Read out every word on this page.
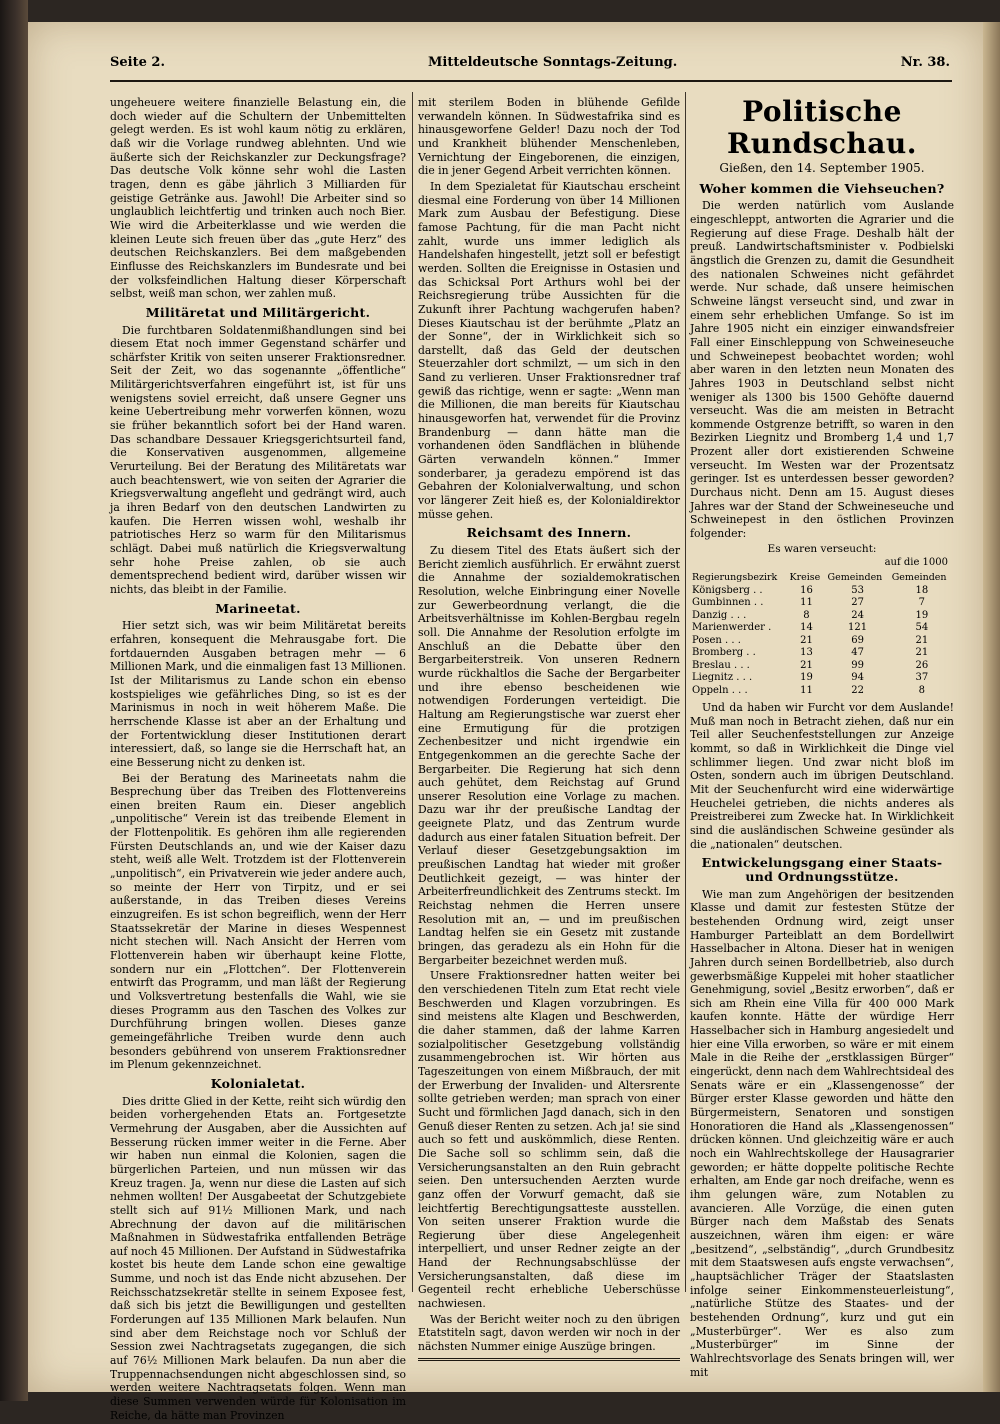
Seite 2.	Mitteldeutsche Sonntags-Zeitung.	Nr. 38.

ungeheuere weitere finanzielle Belastung ein, die doch wieder auf die Schultern der Unbemittelten gelegt werden. Es ist wohl kaum nötig zu erklären, daß wir die Vorlage rundweg ablehnten. Und wie äußerte sich der Reichskanzler zur Deckungsfrage? Das deutsche Volk könne sehr wohl die Lasten tragen, denn es gäbe jährlich 3 Milliarden für geistige Getränke aus. Jawohl! Die Arbeiter sind so unglaublich leichtfertig und trinken auch noch Bier. Wie wird die Arbeiterklasse und wie werden die kleinen Leute sich freuen über das „gute Herz“ des deutschen Reichskanzlers. Bei dem maßgebenden Einflusse des Reichskanzlers im Bundesrate und bei der volksfeindlichen Haltung dieser Körperschaft selbst, weiß man schon, wer zahlen muß.

Militäretat und Militärgericht.

Die furchtbaren Soldatenmißhandlungen sind bei diesem Etat noch immer Gegenstand schärfer und schärfster Kritik von seiten unserer Fraktionsredner. Seit der Zeit, wo das sogenannte „öffentliche“ Militärgerichtsverfahren eingeführt ist, ist für uns wenigstens soviel erreicht, daß unsere Gegner uns keine Uebertreibung mehr vorwerfen können, wozu sie früher bekanntlich sofort bei der Hand waren. Das schandbare Dessauer Kriegsgerichtsurteil fand, die Konservativen ausgenommen, allgemeine Verurteilung. Bei der Beratung des Militäretats war auch beachtenswert, wie von seiten der Agrarier die Kriegsverwaltung angefleht und gedrängt wird, auch ja ihren Bedarf von den deutschen Landwirten zu kaufen. Die Herren wissen wohl, weshalb ihr patriotisches Herz so warm für den Militarismus schlägt. Dabei muß natürlich die Kriegsverwaltung sehr hohe Preise zahlen, ob sie auch dementsprechend bedient wird, darüber wissen wir nichts, das bleibt in der Familie.

Marineetat.

Hier setzt sich, was wir beim Militäretat bereits erfahren, konsequent die Mehrausgabe fort. Die fortdauernden Ausgaben betragen mehr — 6 Millionen Mark, und die einmaligen fast 13 Millionen. Ist der Militarismus zu Lande schon ein ebenso kostspieliges wie gefährliches Ding, so ist es der Marinismus in noch in weit höherem Maße. Die herrschende Klasse ist aber an der Erhaltung und der Fortentwicklung dieser Institutionen derart interessiert, daß, so lange sie die Herrschaft hat, an eine Besserung nicht zu denken ist.

Bei der Beratung des Marineetats nahm die Besprechung über das Treiben des Flottenvereins einen breiten Raum ein. Dieser angeblich „unpolitische“ Verein ist das treibende Element in der Flottenpolitik. Es gehören ihm alle regierenden Fürsten Deutschlands an, und wie der Kaiser dazu steht, weiß alle Welt. Trotzdem ist der Flottenverein „unpolitisch“, ein Privatverein wie jeder andere auch, so meinte der Herr von Tirpitz, und er sei außerstande, in das Treiben dieses Vereins einzugreifen. Es ist schon begreiflich, wenn der Herr Staatssekretär der Marine in dieses Wespennest nicht stechen will. Nach Ansicht der Herren vom Flottenverein haben wir überhaupt keine Flotte, sondern nur ein „Flottchen“. Der Flottenverein entwirft das Programm, und man läßt der Regierung und Volksvertretung bestenfalls die Wahl, wie sie dieses Programm aus den Taschen des Volkes zur Durchführung bringen wollen. Dieses ganze gemeingefährliche Treiben wurde denn auch besonders gebührend von unserem Fraktionsredner im Plenum gekennzeichnet.

Kolonialetat.

Dies dritte Glied in der Kette, reiht sich würdig den beiden vorhergehenden Etats an. Fortgesetzte Vermehrung der Ausgaben, aber die Aussichten auf Besserung rücken immer weiter in die Ferne. Aber wir haben nun einmal die Kolonien, sagen die bürgerlichen Parteien, und nun müssen wir das Kreuz tragen. Ja, wenn nur diese die Lasten auf sich nehmen wollten! Der Ausgabeetat der Schutzgebiete stellt sich auf 91½ Millionen Mark, und nach Abrechnung der davon auf die militärischen Maßnahmen in Südwestafrika entfallenden Beträge auf noch 45 Millionen. Der Aufstand in Südwestafrika kostet bis heute dem Lande schon eine gewaltige Summe, und noch ist das Ende nicht abzusehen. Der Reichsschatzsekretär stellte in seinem Exposee fest, daß sich bis jetzt die Bewilligungen und gestellten Forderungen auf 135 Millionen Mark belaufen. Nun sind aber dem Reichstage noch vor Schluß der Session zwei Nachtragsetats zugegangen, die sich auf 76½ Millionen Mark belaufen. Da nun aber die Truppennachsendungen nicht abgeschlossen sind, so werden weitere Nachtragsetats folgen. Wenn man diese Summen verwenden würde für Kolonisation im Reiche, da hätte man Provinzen

mit sterilem Boden in blühende Gefilde verwandeln können. In Südwestafrika sind es hinausgeworfene Gelder! Dazu noch der Tod und Krankheit blühender Menschenleben, Vernichtung der Eingeborenen, die einzigen, die in jener Gegend Arbeit verrichten können.

In dem Spezialetat für Kiautschau erscheint diesmal eine Forderung von über 14 Millionen Mark zum Ausbau der Befestigung. Diese famose Pachtung, für die man Pacht nicht zahlt, wurde uns immer lediglich als Handelshafen hingestellt, jetzt soll er befestigt werden. Sollten die Ereignisse in Ostasien und das Schicksal Port Arthurs wohl bei der Reichsregierung trübe Aussichten für die Zukunft ihrer Pachtung wachgerufen haben? Dieses Kiautschau ist der berühmte „Platz an der Sonne“, der in Wirklichkeit sich so darstellt, daß das Geld der deutschen Steuerzahler dort schmilzt, — um sich in den Sand zu verlieren. Unser Fraktionsredner traf gewiß das richtige, wenn er sagte: „Wenn man die Millionen, die man bereits für Kiautschau hinausgeworfen hat, verwendet für die Provinz Brandenburg — dann hätte man die vorhandenen öden Sandflächen in blühende Gärten verwandeln können.“ Immer sonderbarer, ja geradezu empörend ist das Gebahren der Kolonialverwaltung, und schon vor längerer Zeit hieß es, der Kolonialdirektor müsse gehen.

Reichsamt des Innern.

Zu diesem Titel des Etats äußert sich der Bericht ziemlich ausführlich. Er erwähnt zuerst die Annahme der sozialdemokratischen Resolution, welche Einbringung einer Novelle zur Gewerbeordnung verlangt, die die Arbeitsverhältnisse im Kohlen-Bergbau regeln soll. Die Annahme der Resolution erfolgte im Anschluß an die Debatte über den Bergarbeiterstreik. Von unseren Rednern wurde rückhaltlos die Sache der Bergarbeiter und ihre ebenso bescheidenen wie notwendigen Forderungen verteidigt. Die Haltung am Regierungstische war zuerst eher eine Ermutigung für die protzigen Zechenbesitzer und nicht irgendwie ein Entgegenkommen an die gerechte Sache der Bergarbeiter. Die Regierung hat sich denn auch gehütet, dem Reichstag auf Grund unserer Resolution eine Vorlage zu machen. Dazu war ihr der preußische Landtag der geeignete Platz, und das Zentrum wurde dadurch aus einer fatalen Situation befreit. Der Verlauf dieser Gesetzgebungsaktion im preußischen Landtag hat wieder mit großer Deutlichkeit gezeigt, — was hinter der Arbeiterfreundlichkeit des Zentrums steckt. Im Reichstag nehmen die Herren unsere Resolution mit an, — und im preußischen Landtag helfen sie ein Gesetz mit zustande bringen, das geradezu als ein Hohn für die Bergarbeiter bezeichnet werden muß.

Unsere Fraktionsredner hatten weiter bei den verschiedenen Titeln zum Etat recht viele Beschwerden und Klagen vorzubringen. Es sind meistens alte Klagen und Beschwerden, die daher stammen, daß der lahme Karren sozialpolitischer Gesetzgebung vollständig zusammengebrochen ist. Wir hörten aus Tageszeitungen von einem Mißbrauch, der mit der Erwerbung der Invaliden- und Altersrente sollte getrieben werden; man sprach von einer Sucht und förmlichen Jagd danach, sich in den Genuß dieser Renten zu setzen. Ach ja! sie sind auch so fett und auskömmlich, diese Renten. Die Sache soll so schlimm sein, daß die Versicherungsanstalten an den Ruin gebracht seien. Den untersuchenden Aerzten wurde ganz offen der Vorwurf gemacht, daß sie leichtfertig Berechtigungsatteste ausstellen. Von seiten unserer Fraktion wurde die Regierung über diese Angelegenheit interpelliert, und unser Redner zeigte an der Hand der Rechnungsabschlüsse der Versicherungsanstalten, daß diese im Gegenteil recht erhebliche Ueberschüsse nachwiesen.

Was der Bericht weiter noch zu den übrigen Etatstiteln sagt, davon werden wir noch in der nächsten Nummer einige Auszüge bringen.

Politische Rundschau.
Gießen, den 14. September 1905.
Woher kommen die Viehseuchen?

Die werden natürlich vom Auslande eingeschleppt, antworten die Agrarier und die Regierung auf diese Frage. Deshalb hält der preuß. Landwirtschaftsminister v. Podbielski ängstlich die Grenzen zu, damit die Gesundheit des nationalen Schweines nicht gefährdet werde. Nur schade, daß unsere heimischen Schweine längst verseucht sind, und zwar in einem sehr erheblichen Umfange. So ist im Jahre 1905 nicht ein einziger einwandsfreier Fall einer Einschleppung von Schweineseuche und Schweinepest beobachtet worden; wohl aber waren in den letzten neun Monaten des Jahres 1903 in Deutschland selbst nicht weniger als 1300 bis 1500 Gehöfte dauernd verseucht. Was die am meisten in Betracht kommende Ostgrenze betrifft, so waren in den Bezirken Liegnitz und Bromberg 1,4 und 1,7 Prozent aller dort existierenden Schweine verseucht. Im Westen war der Prozentsatz geringer. Ist es unterdessen besser geworden? Durchaus nicht. Denn am 15. August dieses Jahres war der Stand der Schweineseuche und Schweinepest in den östlichen Provinzen folgender:

Es waren verseucht:
auf die 1000
Regierungsbezirk	Kreise	Gemeinden	Gemeinden
Königsberg . .	16	53	18
Gumbinnen . .	11	27	7
Danzig . . .	8	24	19
Marienwerder .	14	121	54
Posen . . .	21	69	21
Bromberg . .	13	47	21
Breslau . . .	21	99	26
Liegnitz . . .	19	94	37
Oppeln . . .	11	22	8

Und da haben wir Furcht vor dem Auslande! Muß man noch in Betracht ziehen, daß nur ein Teil aller Seuchenfeststellungen zur Anzeige kommt, so daß in Wirklichkeit die Dinge viel schlimmer liegen. Und zwar nicht bloß im Osten, sondern auch im übrigen Deutschland. Mit der Seuchenfurcht wird eine widerwärtige Heuchelei getrieben, die nichts anderes als Preistreiberei zum Zwecke hat. In Wirklichkeit sind die ausländischen Schweine gesünder als die „nationalen“ deutschen.

Entwickelungsgang einer Staats- und Ordnungsstütze.

Wie man zum Angehörigen der besitzenden Klasse und damit zur festesten Stütze der bestehenden Ordnung wird, zeigt unser Hamburger Parteiblatt an dem Bordellwirt Hasselbacher in Altona. Dieser hat in wenigen Jahren durch seinen Bordellbetrieb, also durch gewerbsmäßige Kuppelei mit hoher staatlicher Genehmigung, soviel „Besitz erworben“, daß er sich am Rhein eine Villa für 400 000 Mark kaufen konnte. Hätte der würdige Herr Hasselbacher sich in Hamburg angesiedelt und hier eine Villa erworben, so wäre er mit einem Male in die Reihe der „erstklassigen Bürger“ eingerückt, denn nach dem Wahlrechtsideal des Senats wäre er ein „Klassengenosse“ der Bürger erster Klasse geworden und hätte den Bürgermeistern, Senatoren und sonstigen Honoratioren die Hand als „Klassengenossen“ drücken können. Und gleichzeitig wäre er auch noch ein Wahlrechtskollege der Hausagrarier geworden; er hätte doppelte politische Rechte erhalten, am Ende gar noch dreifache, wenn es ihm gelungen wäre, zum Notablen zu avancieren. Alle Vorzüge, die einen guten Bürger nach dem Maßstab des Senats auszeichnen, wären ihm eigen: er wäre „besitzend“, „selbständig“, „durch Grundbesitz mit dem Staatswesen aufs engste verwachsen“, „hauptsächlicher Träger der Staatslasten infolge seiner Einkommensteuerleistung“, „natürliche Stütze des Staates- und der bestehenden Ordnung“, kurz und gut ein „Musterbürger“. Wer es also zum „Musterbürger“ im Sinne der Wahlrechtsvorlage des Senats bringen will, wer mit
